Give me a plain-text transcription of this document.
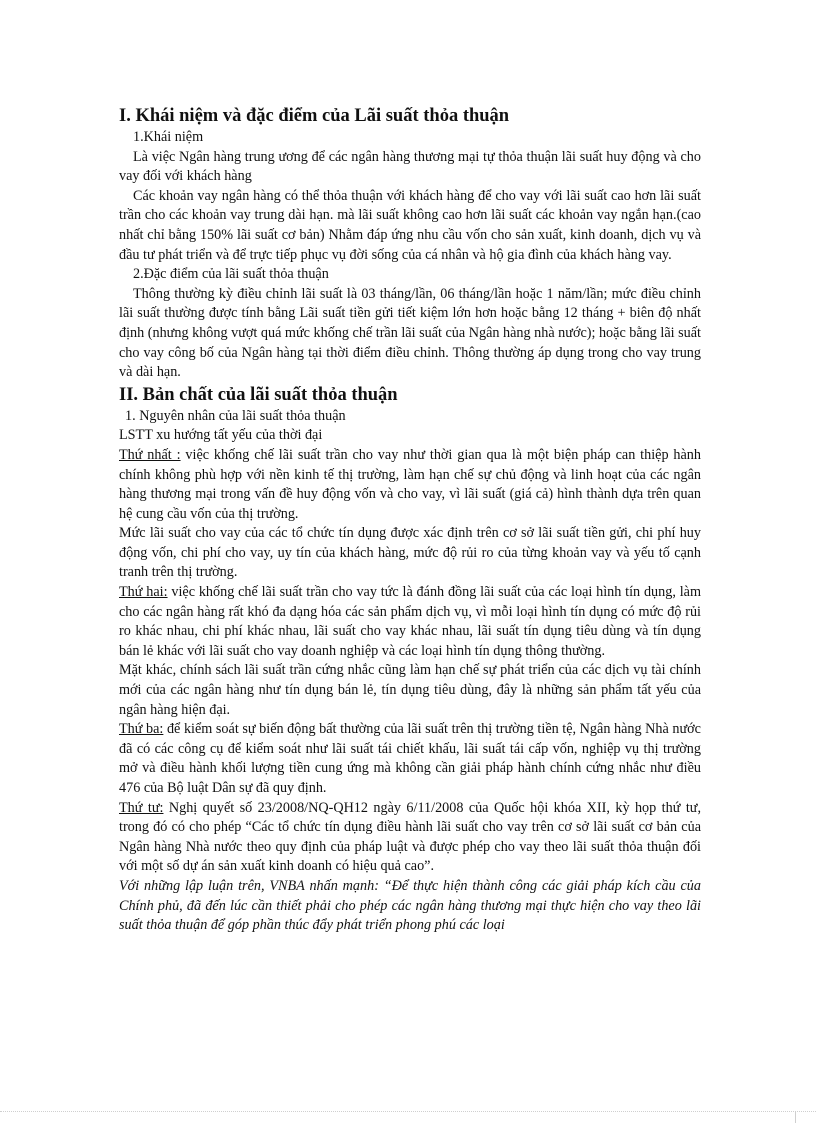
I. Khái niệm và đặc điểm của Lãi suất thỏa thuận

1.Khái niệm

Là việc Ngân hàng trung ương để các ngân hàng thương mại tự thỏa thuận lãi suất huy động và cho vay đối với khách hàng

Các khoản vay ngân hàng có thể thỏa thuận với khách hàng để cho vay với lãi suất cao hơn lãi suất trần cho các khoản vay trung dài hạn. mà lãi suất không cao hơn lãi suất các khoản vay ngắn hạn.(cao nhất chỉ bằng 150% lãi suất cơ bản) Nhằm đáp ứng nhu cầu vốn cho sản xuất, kinh doanh, dịch vụ và đầu tư phát triển và để trực tiếp phục vụ đời sống của cá nhân và hộ gia đình của khách hàng vay.

2.Đặc điểm của lãi suất thỏa thuận

Thông thường kỳ điều chỉnh lãi suất là 03 tháng/lần, 06 tháng/lần hoặc 1 năm/lần; mức điều chỉnh lãi suất thường được tính bằng Lãi suất tiền gửi tiết kiệm lớn hơn hoặc bằng 12 tháng + biên độ nhất định (nhưng không vượt quá mức khống chế trần lãi suất của Ngân hàng nhà nước); hoặc bằng lãi suất cho vay công bố của Ngân hàng tại thời điểm điều chỉnh. Thông thường áp dụng trong cho vay trung và dài hạn.

II. Bản chất của lãi suất thỏa thuận

1. Nguyên nhân của lãi suất thỏa thuận

LSTT xu hướng tất yếu của thời đại

Thứ nhất : việc khống chế lãi suất trần cho vay như thời gian qua là một biện pháp can thiệp hành chính không phù hợp với nền kinh tế thị trường, làm hạn chế sự chủ động và linh hoạt của các ngân hàng thương mại trong vấn đề huy động vốn và cho vay, vì lãi suất (giá cả) hình thành dựa trên quan hệ cung cầu vốn của thị trường.

Mức lãi suất cho vay của các tổ chức tín dụng được xác định trên cơ sở lãi suất tiền gửi, chi phí huy động vốn, chi phí cho vay, uy tín của khách hàng, mức độ rủi ro của từng khoản vay và yếu tố cạnh tranh trên thị trường.

Thứ hai: việc khống chế lãi suất trần cho vay tức là đánh đồng lãi suất của các loại hình tín dụng, làm cho các ngân hàng rất khó đa dạng hóa các sản phẩm dịch vụ, vì mỗi loại hình tín dụng có mức độ rủi ro khác nhau, chi phí khác nhau, lãi suất cho vay khác nhau, lãi suất tín dụng tiêu dùng và tín dụng bán lẻ khác với lãi suất cho vay doanh nghiệp và các loại hình tín dụng thông thường.

Mặt khác, chính sách lãi suất trần cứng nhắc cũng làm hạn chế sự phát triển của các dịch vụ tài chính mới của các ngân hàng như tín dụng bán lẻ, tín dụng tiêu dùng, đây là những sản phẩm tất yếu của ngân hàng hiện đại.

Thứ ba: để kiểm soát sự biến động bất thường của lãi suất trên thị trường tiền tệ, Ngân hàng Nhà nước đã có các công cụ để kiểm soát như lãi suất tái chiết khấu, lãi suất tái cấp vốn, nghiệp vụ thị trường mở và điều hành khối lượng tiền cung ứng mà không cần giải pháp hành chính cứng nhắc như điều 476 của Bộ luật Dân sự đã quy định.

Thứ tư: Nghị quyết số 23/2008/NQ-QH12 ngày 6/11/2008 của Quốc hội khóa XII, kỳ họp thứ tư, trong đó có cho phép “Các tổ chức tín dụng điều hành lãi suất cho vay trên cơ sở lãi suất cơ bản của Ngân hàng Nhà nước theo quy định của pháp luật và được phép cho vay theo lãi suất thỏa thuận đối với một số dự án sản xuất kinh doanh có hiệu quả cao”.

Với những lập luận trên, VNBA nhấn mạnh: “Để thực hiện thành công các giải pháp kích cầu của Chính phủ, đã đến lúc cần thiết phải cho phép các ngân hàng thương mại thực hiện cho vay theo lãi suất thỏa thuận để góp phần thúc đẩy phát triển phong phú các loại
